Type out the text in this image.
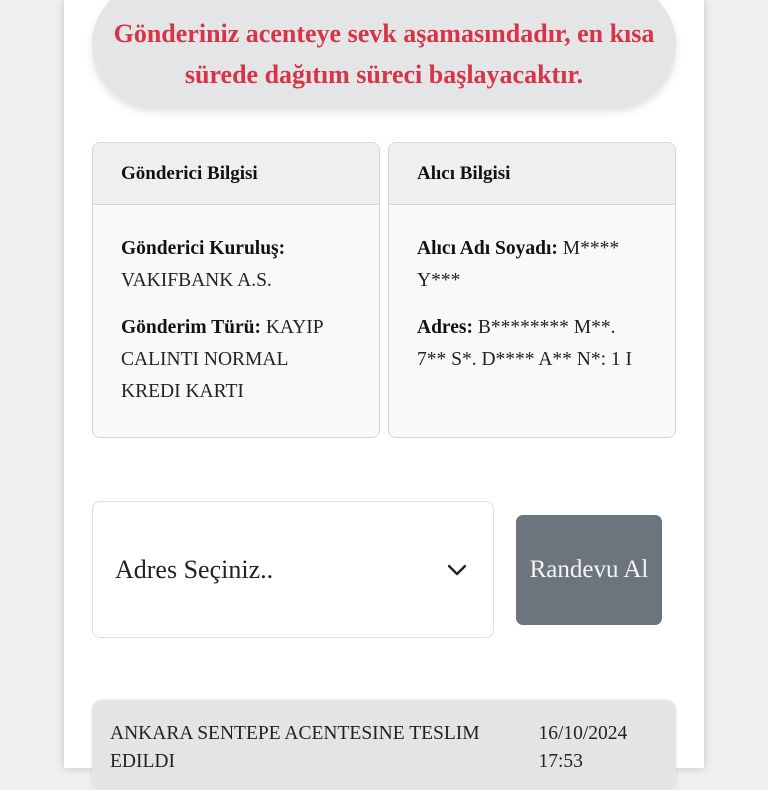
Gönderiniz acenteye sevk aşamasındadır, en kısa sürede dağıtım süreci başlayacaktır.
Gönderici Bilgisi
Gönderici Kuruluş:
VAKIFBANK A.S.
Gönderim Türü: KAYIP CALINTI NORMAL KREDI KARTI
Alıcı Bilgisi
Alıcı Adı Soyadı: M**** Y***
Adres: B******** M**. 7** S*. D**** A** N*: 1 I
Adres Seçiniz..	Randevu Al
ANKARA SENTEPE ACENTESINE TESLIM EDILDI
16/10/2024 17:53
